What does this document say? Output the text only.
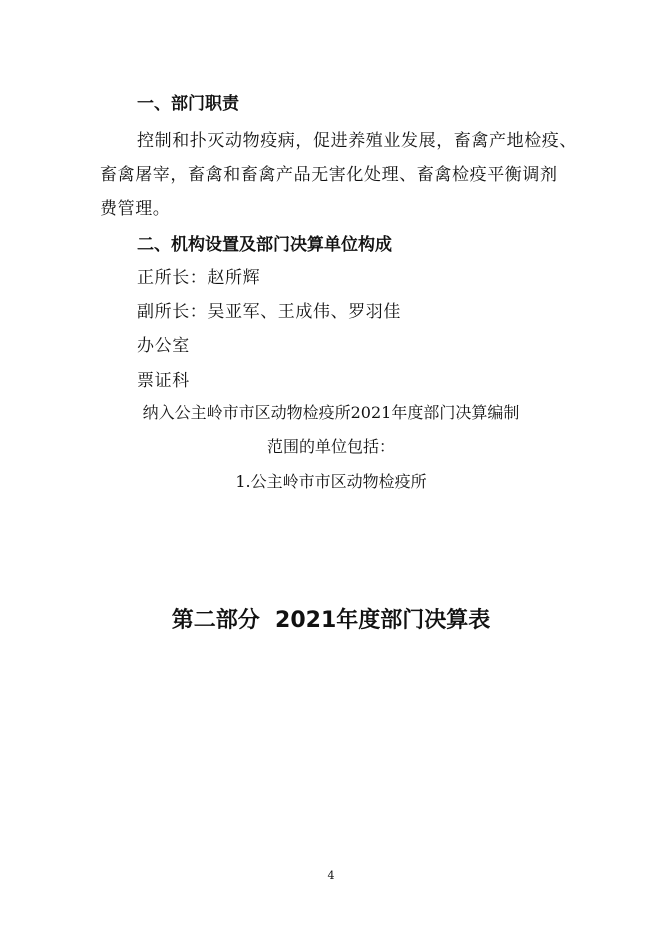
一、部门职责
控制和扑灭动物疫病，促进养殖业发展，畜禽产地检疫、
畜禽屠宰，畜禽和畜禽产品无害化处理、畜禽检疫平衡调剂
费管理。
二、机构设置及部门决算单位构成
正所长：赵所辉
副所长：吴亚军、王成伟、罗羽佳
办公室
票证科
纳入公主岭市市区动物检疫所2021年度部门决算编制
范围的单位包括：
1.公主岭市市区动物检疫所
第二部分  2021年度部门决算表
4
